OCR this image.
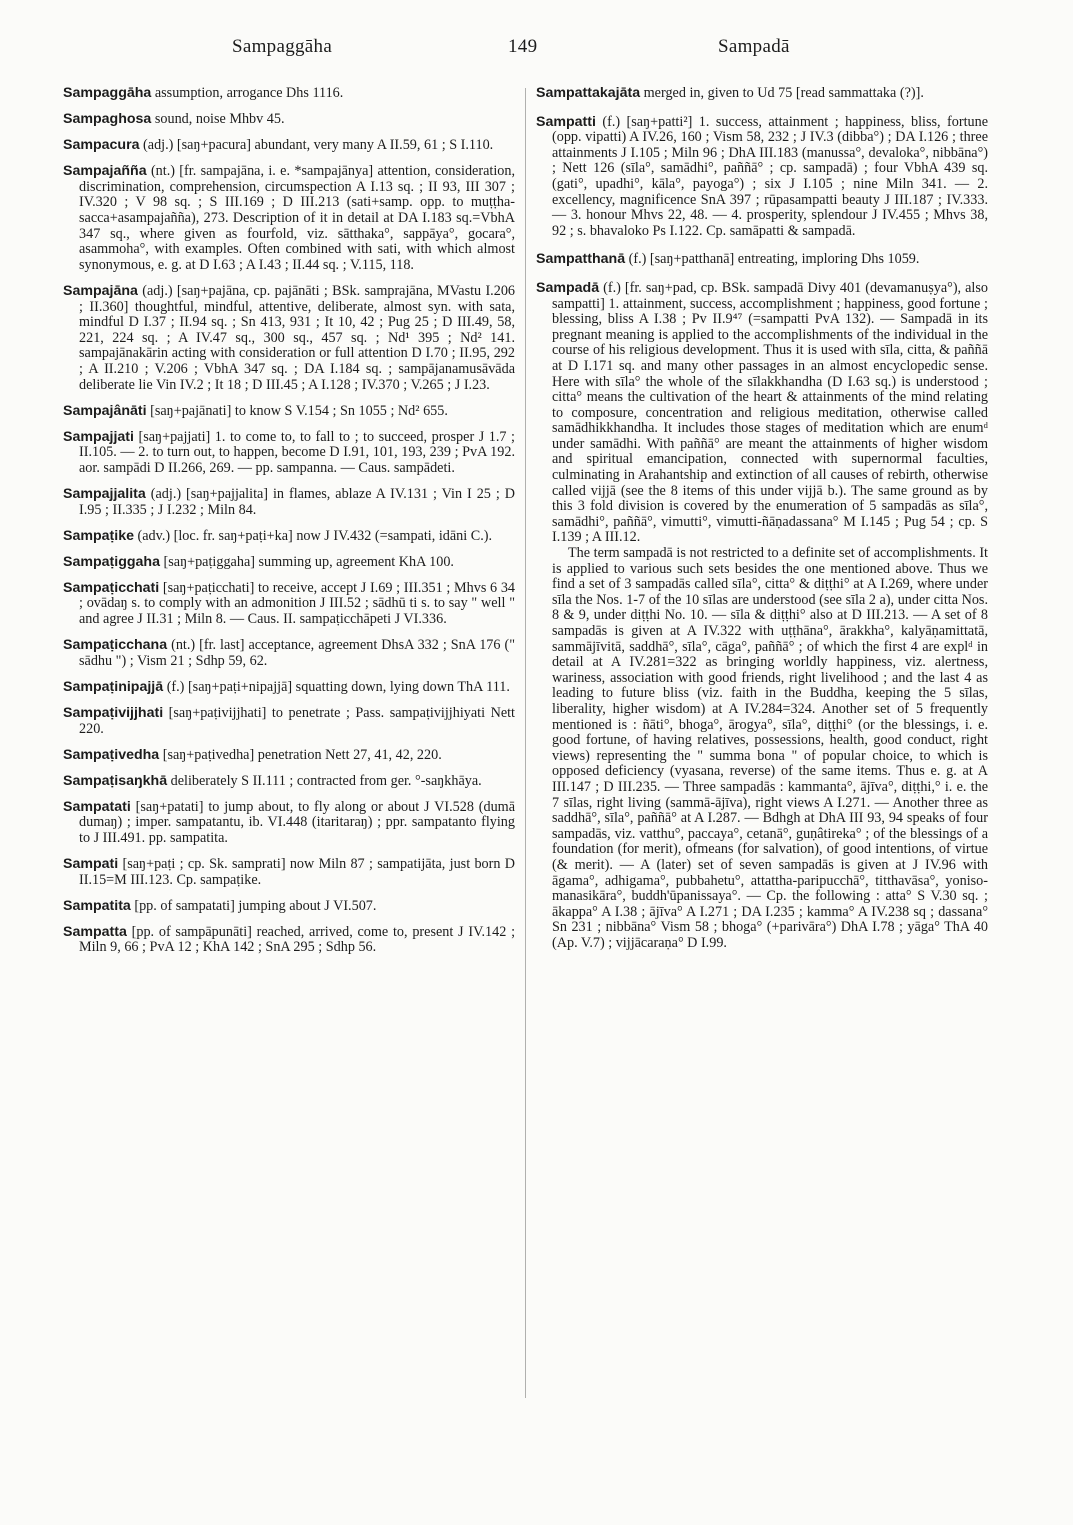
Sampaggāha	149	Sampadā
Sampaggāha assumption, arrogance Dhs 1116.
Sampaghosa sound, noise Mhbv 45.
Sampacura (adj.) [saŋ+pacura] abundant, very many A II.59, 61 ; S I.110.
Sampajañña (nt.) [fr. sampajāna, i. e. *sampajānya] attention, consideration, discrimination, comprehension, circumspection A I.13 sq. ; II 93, III 307 ; IV.320 ; V 98 sq. ; S III.169 ; D III.213 (sati+samp. opp. to muṭṭha-sacca+asampajañña), 273. Description of it in detail at DA I.183 sq.=VbhA 347 sq., where given as fourfold, viz. sātthaka°, sappāya°, gocara°, asammoha°, with examples. Often combined with sati, with which almost synonymous, e. g. at D I.63 ; A I.43 ; II.44 sq. ; V.115, 118.
Sampajāna (adj.) [saŋ+pajāna, cp. pajānāti ; BSk. samprajāna, MVastu I.206 ; II.360] thoughtful, mindful, attentive, deliberate, almost syn. with sata, mindful D I.37 ; II.94 sq. ; Sn 413, 931 ; It 10, 42 ; Pug 25 ; D III.49, 58, 221, 224 sq. ; A IV.47 sq., 300 sq., 457 sq. ; Nd¹ 395 ; Nd² 141. sampajānakārin acting with consideration or full attention D I.70 ; II.95, 292 ; A II.210 ; V.206 ; VbhA 347 sq. ; DA I.184 sq. ; sampājanamusāvāda deliberate lie Vin IV.2 ; It 18 ; D III.45 ; A I.128 ; IV.370 ; V.265 ; J I.23.
Sampajânāti [saŋ+pajānati] to know S V.154 ; Sn 1055 ; Nd² 655.
Sampajjati [saŋ+pajjati] 1. to come to, to fall to ; to succeed, prosper J 1.7 ; II.105. — 2. to turn out, to happen, become D I.91, 101, 193, 239 ; PvA 192. aor. sampādi D II.266, 269. — pp. sampanna. — Caus. sampādeti.
Sampajjalita (adj.) [saŋ+pajjalita] in flames, ablaze A IV.131 ; Vin I 25 ; D I.95 ; II.335 ; J I.232 ; Miln 84.
Sampaṭike (adv.) [loc. fr. saŋ+paṭi+ka] now J IV.432 (=sampati, idāni C.).
Sampaṭiggaha [saŋ+paṭiggaha] summing up, agreement KhA 100.
Sampaṭicchati [saŋ+paṭicchati] to receive, accept J I.69 ; III.351 ; Mhvs 6 34 ; ovādaŋ s. to comply with an admonition J III.52 ; sādhū ti s. to say " well " and agree J II.31 ; Miln 8. — Caus. II. sampaṭicchāpeti J VI.336.
Sampaṭicchana (nt.) [fr. last] acceptance, agreement DhsA 332 ; SnA 176 (" sādhu ") ; Vism 21 ; Sdhp 59, 62.
Sampaṭinipajjā (f.) [saŋ+paṭi+nipajjā] squatting down, lying down ThA 111.
Sampaṭivijjhati [saŋ+paṭivijjhati] to penetrate ; Pass. sampaṭivijjhiyati Nett 220.
Sampaṭivedha [saŋ+paṭivedha] penetration Nett 27, 41, 42, 220.
Sampaṭisaŋkhā deliberately S II.111 ; contracted from ger. °-saŋkhāya.
Sampatati [saŋ+patati] to jump about, to fly along or about J VI.528 (dumā dumaŋ) ; imper. sampatantu, ib. VI.448 (itaritaraŋ) ; ppr. sampatanto flying to J III.491. pp. sampatita.
Sampati [saŋ+paṭi ; cp. Sk. samprati] now Miln 87 ; sampatijāta, just born D II.15=M III.123. Cp. sampaṭike.
Sampatita [pp. of sampatati] jumping about J VI.507.
Sampatta [pp. of sampāpunāti] reached, arrived, come to, present J IV.142 ; Miln 9, 66 ; PvA 12 ; KhA 142 ; SnA 295 ; Sdhp 56.
Sampattakajāta merged in, given to Ud 75 [read sammattaka (?)].
Sampatti (f.) [saŋ+patti²] 1. success, attainment ; happiness, bliss, fortune (opp. vipatti) A IV.26, 160 ; Vism 58, 232 ; J IV.3 (dibba°) ; DA I.126 ; three attainments J I.105 ; Miln 96 ; DhA III.183 (manussa°, devaloka°, nibbāna°) ; Nett 126 (sīla°, samādhi°, paññā° ; cp. sampadā) ; four VbhA 439 sq. (gati°, upadhi°, kāla°, payoga°) ; six J I.105 ; nine Miln 341. — 2. excellency, magnificence SnA 397 ; rūpasampatti beauty J III.187 ; IV.333. — 3. honour Mhvs 22, 48. — 4. prosperity, splendour J IV.455 ; Mhvs 38, 92 ; s. bhavaloko Ps I.122. Cp. samāpatti & sampadā.
Sampatthanā (f.) [saŋ+patthanā] entreating, imploring Dhs 1059.
Sampadā (f.) [fr. saŋ+pad, cp. BSk. sampadā Divy 401 (devamanuṣya°), also sampatti] 1. attainment, success, accomplishment ; happiness, good fortune ; blessing, bliss A I.38 ; Pv II.9⁴⁷ (=sampatti PvA 132). — Sampadā in its pregnant meaning is applied to the accomplishments of the individual in the course of his religious development. Thus it is used with sīla, citta, & paññā at D I.171 sq. and many other passages in an almost encyclopedic sense. Here with sīla° the whole of the sīlakkhandha (D I.63 sq.) is understood ; citta° means the cultivation of the heart & attainments of the mind relating to composure, concentration and religious meditation, otherwise called samādhikkhandha. It includes those stages of meditation which are enumᵈ under samādhi. With paññā° are meant the attainments of higher wisdom and spiritual emancipation, connected with supernormal faculties, culminating in Arahantship and extinction of all causes of rebirth, otherwise called vijjā (see the 8 items of this under vijjā b.). The same ground as by this 3 fold division is covered by the enumeration of 5 sampadās as sīla°, samādhi°, paññā°, vimutti°, vimutti-ñāṇadassana° M I.145 ; Pug 54 ; cp. S I.139 ; A III.12.
The term sampadā is not restricted to a definite set of accomplishments. It is applied to various such sets besides the one mentioned above. Thus we find a set of 3 sampadās called sīla°, citta° & diṭṭhi° at A I.269, where under sīla the Nos. 1-7 of the 10 sīlas are understood (see sīla 2 a), under citta Nos. 8 & 9, under diṭṭhi No. 10. — sīla & diṭṭhi° also at D III.213. — A set of 8 sampadās is given at A IV.322 with uṭṭhāna°, ārakkha°, kalyāṇamittatā, sammājīvitā, saddhā°, sīla°, cāga°, paññā° ; of which the first 4 are explᵈ in detail at A IV.281=322 as bringing worldly happiness, viz. alertness, wariness, association with good friends, right livelihood ; and the last 4 as leading to future bliss (viz. faith in the Buddha, keeping the 5 sīlas, liberality, higher wisdom) at A IV.284=324. Another set of 5 frequently mentioned is : ñāti°, bhoga°, ārogya°, sīla°, diṭṭhi° (or the blessings, i. e. good fortune, of having relatives, possessions, health, good conduct, right views) representing the " summa bona " of popular choice, to which is opposed deficiency (vyasana, reverse) of the same items. Thus e. g. at A III.147 ; D III.235. — Three sampadās : kammanta°, ājīva°, diṭṭhi,° i. e. the 7 sīlas, right living (sammā-ājīva), right views A I.271. — Another three as saddhā°, sīla°, paññā° at A I.287. — Bdhgh at DhA III 93, 94 speaks of four sampadās, viz. vatthu°, paccaya°, cetanā°, guṇâtireka° ; of the blessings of a foundation (for merit), ofmeans (for salvation), of good intentions, of virtue (& merit). — A (later) set of seven sampadās is given at J IV.96 with āgama°, adhigama°, pubbahetu°, attattha-paripucchā°, titthavāsa°, yoniso-manasikāra°, buddh'ūpanissaya°. — Cp. the following : atta° S V.30 sq. ; ākappa° A I.38 ; ājīva° A I.271 ; DA I.235 ; kamma° A IV.238 sq ; dassana° Sn 231 ; nibbāna° Vism 58 ; bhoga° (+parivāra°) DhA I.78 ; yāga° ThA 40 (Ap. V.7) ; vijjācaraṇa° D I.99.
